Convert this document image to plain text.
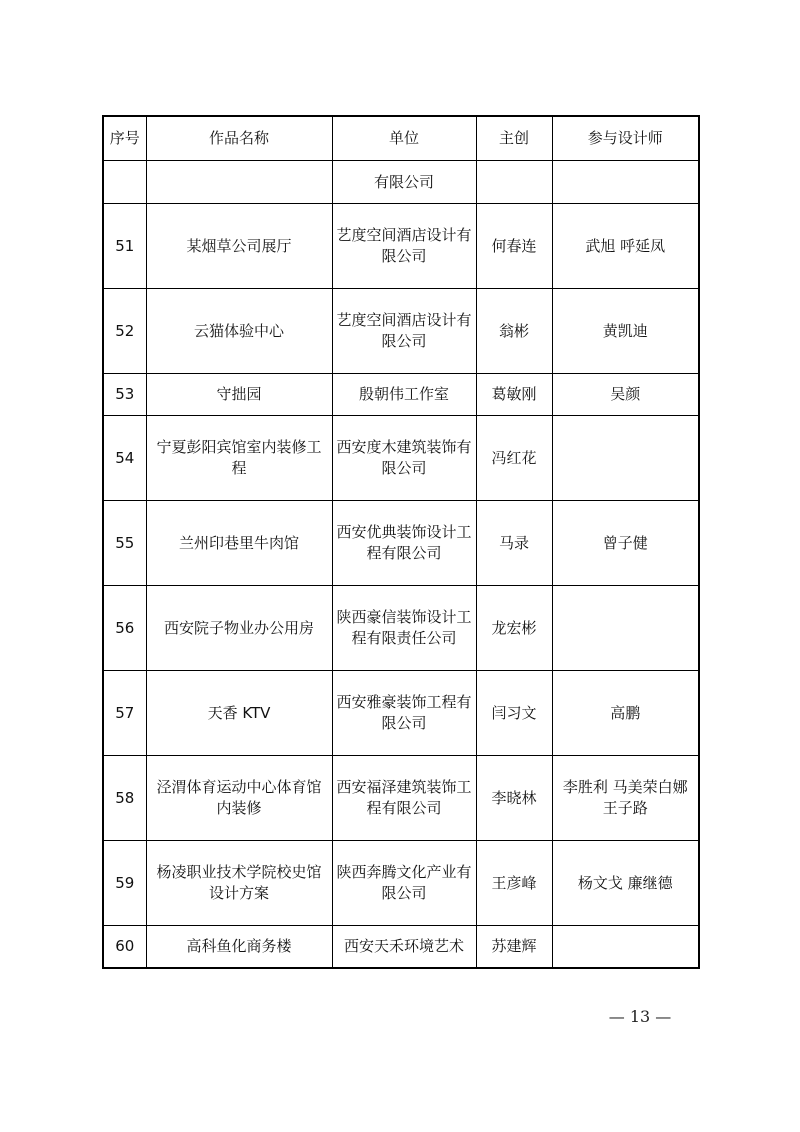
序号	作品名称	单位	主创	参与设计师
		有限公司		
51	某烟草公司展厅	艺度空间酒店设计有限公司	何春连	武旭 呼延凤
52	云猫体验中心	艺度空间酒店设计有限公司	翁彬	黄凯迪
53	守拙园	殷朝伟工作室	葛敏刚	吴颜
54	宁夏彭阳宾馆室内装修工程	西安度木建筑装饰有限公司	冯红花	
55	兰州印巷里牛肉馆	西安优典装饰设计工程有限公司	马录	曾子健
56	西安院子物业办公用房	陕西豪信装饰设计工程有限责任公司	龙宏彬	
57	天香 KTV	西安雅豪装饰工程有限公司	闫习文	高鹏
58	泾渭体育运动中心体育馆内装修	西安福泽建筑装饰工程有限公司	李晓林	李胜利 马美荣白娜 王子路
59	杨凌职业技术学院校史馆设计方案	陕西奔腾文化产业有限公司	王彦峰	杨文戈 廉继德
60	高科鱼化商务楼	西安天禾环境艺术	苏建辉	
— 13 —
